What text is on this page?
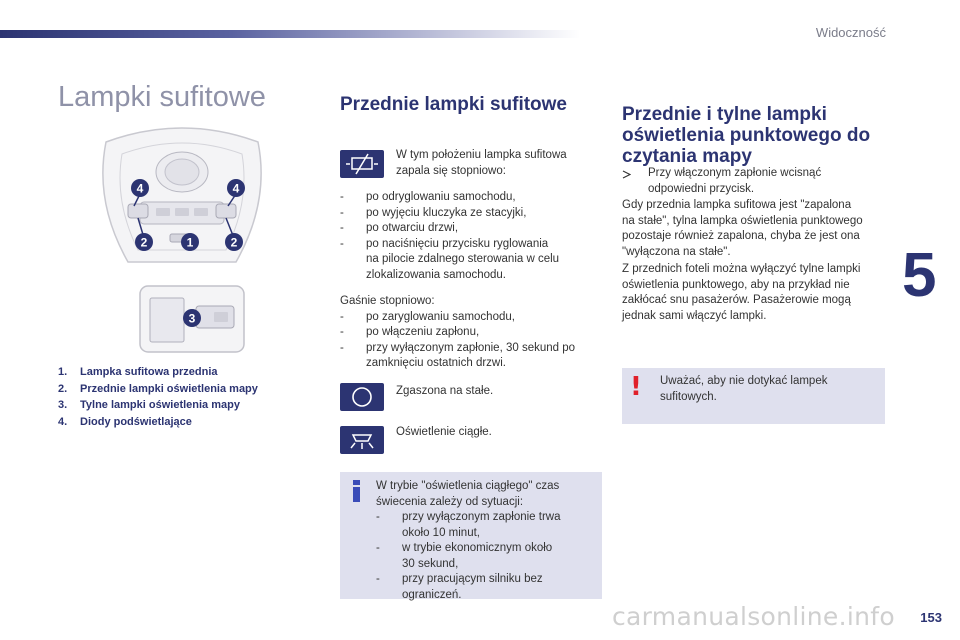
Widoczność
5
153
Lampki sufitowe
4	4
2	1	2
3
1. Lampka sufitowa przednia
2. Przednie lampki oświetlenia mapy
3. Tylne lampki oświetlenia mapy
4. Diody podświetlające
Przednie lampki sufitowe
W tym położeniu lampka sufitowa
zapala się stopniowo:
- po odryglowaniu samochodu,
- po wyjęciu kluczyka ze stacyjki,
- po otwarciu drzwi,
- po naciśnięciu przycisku ryglowania
na pilocie zdalnego sterowania w celu
zlokalizowania samochodu.
Gaśnie stopniowo:
- po zaryglowaniu samochodu,
- po włączeniu zapłonu,
- przy wyłączonym zapłonie, 30 sekund po
zamknięciu ostatnich drzwi.
Zgaszona na stałe.
Oświetlenie ciągłe.
W trybie "oświetlenia ciągłego" czas
świecenia zależy od sytuacji:
- przy wyłączonym zapłonie trwa
około 10 minut,
- w trybie ekonomicznym około
30 sekund,
- przy pracującym silniku bez
ograniczeń.
Przednie i tylne lampki
oświetlenia punktowego do
czytania mapy
Przy włączonym zapłonie wcisnąć
odpowiedni przycisk.
Gdy przednia lampka sufitowa jest "zapalona
na stałe", tylna lampka oświetlenia punktowego
pozostaje również zapalona, chyba że jest ona
"wyłączona na stałe".
Z przednich foteli można wyłączyć tylne lampki
oświetlenia punktowego, aby na przykład nie
zakłócać snu pasażerów. Pasażerowie mogą
jednak sami włączyć lampki.
! Uważać, aby nie dotykać lampek
sufitowych.
carmanualsonline.info
